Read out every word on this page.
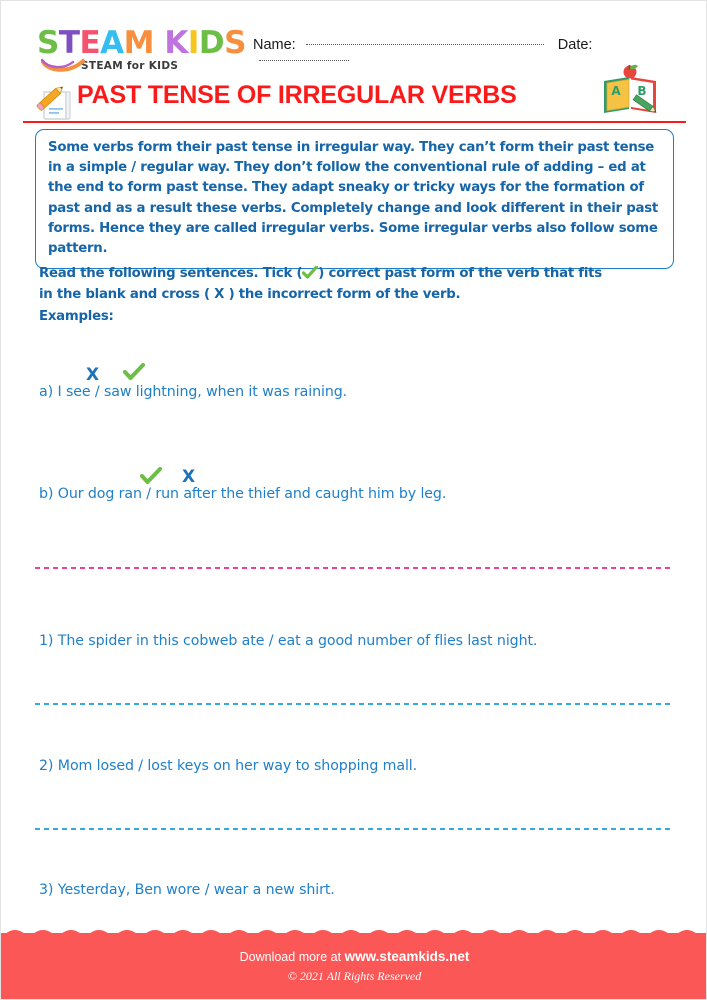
STEAM KIDS
STEAM for KIDS
Name:	Date:
PAST TENSE OF IRREGULAR VERBS	A B

Some verbs form their past tense in irregular way. They can’t form their past tense in a simple / regular way. They don’t follow the conventional rule of adding – ed at the end to form past tense. They adapt sneaky or tricky ways for the formation of past and as a result these verbs. Completely change and look different in their past forms. Hence they are called irregular verbs. Some irregular verbs also follow some pattern.

Read the following sentences. Tick ( ) correct past form of the verb that fits
in the blank and cross ( X ) the incorrect form of the verb.
Examples:
X
a) I see / saw lightning, when it was raining.
X
b) Our dog ran / run after the thief and caught him by leg.
1) The spider in this cobweb ate / eat a good number of flies last night.
2) Mom losed / lost keys on her way to shopping mall.
3) Yesterday, Ben wore / wear a new shirt.
Download more at www.steamkids.net
© 2021 All Rights Reserved
